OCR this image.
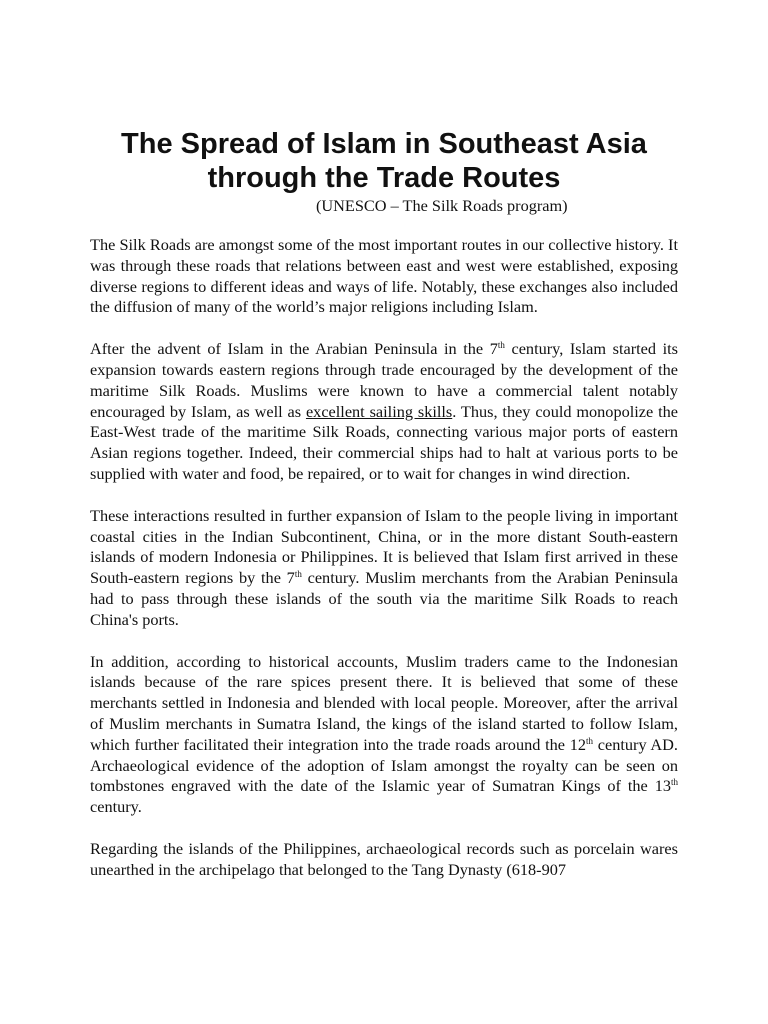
The Spread of Islam in Southeast Asia
through the Trade Routes

(UNESCO – The Silk Roads program)

The Silk Roads are amongst some of the most important routes in our collective history. It was through these roads that relations between east and west were established, exposing diverse regions to different ideas and ways of life. Notably, these exchanges also included the diffusion of many of the world’s major religions including Islam.

After the advent of Islam in the Arabian Peninsula in the 7th century, Islam started its expansion towards eastern regions through trade encouraged by the development of the maritime Silk Roads. Muslims were known to have a commercial talent notably encouraged by Islam, as well as excellent sailing skills. Thus, they could monopolize the East-West trade of the maritime Silk Roads, connecting various major ports of eastern Asian regions together. Indeed, their commercial ships had to halt at various ports to be supplied with water and food, be repaired, or to wait for changes in wind direction.

These interactions resulted in further expansion of Islam to the people living in important coastal cities in the Indian Subcontinent, China, or in the more distant South-eastern islands of modern Indonesia or Philippines. It is believed that Islam first arrived in these South-eastern regions by the 7th century. Muslim merchants from the Arabian Peninsula had to pass through these islands of the south via the maritime Silk Roads to reach China's ports.

In addition, according to historical accounts, Muslim traders came to the Indonesian islands because of the rare spices present there. It is believed that some of these merchants settled in Indonesia and blended with local people. Moreover, after the arrival of Muslim merchants in Sumatra Island, the kings of the island started to follow Islam, which further facilitated their integration into the trade roads around the 12th century AD. Archaeological evidence of the adoption of Islam amongst the royalty can be seen on tombstones engraved with the date of the Islamic year of Sumatran Kings of the 13th century.

Regarding the islands of the Philippines, archaeological records such as porcelain wares unearthed in the archipelago that belonged to the Tang Dynasty (618-907
